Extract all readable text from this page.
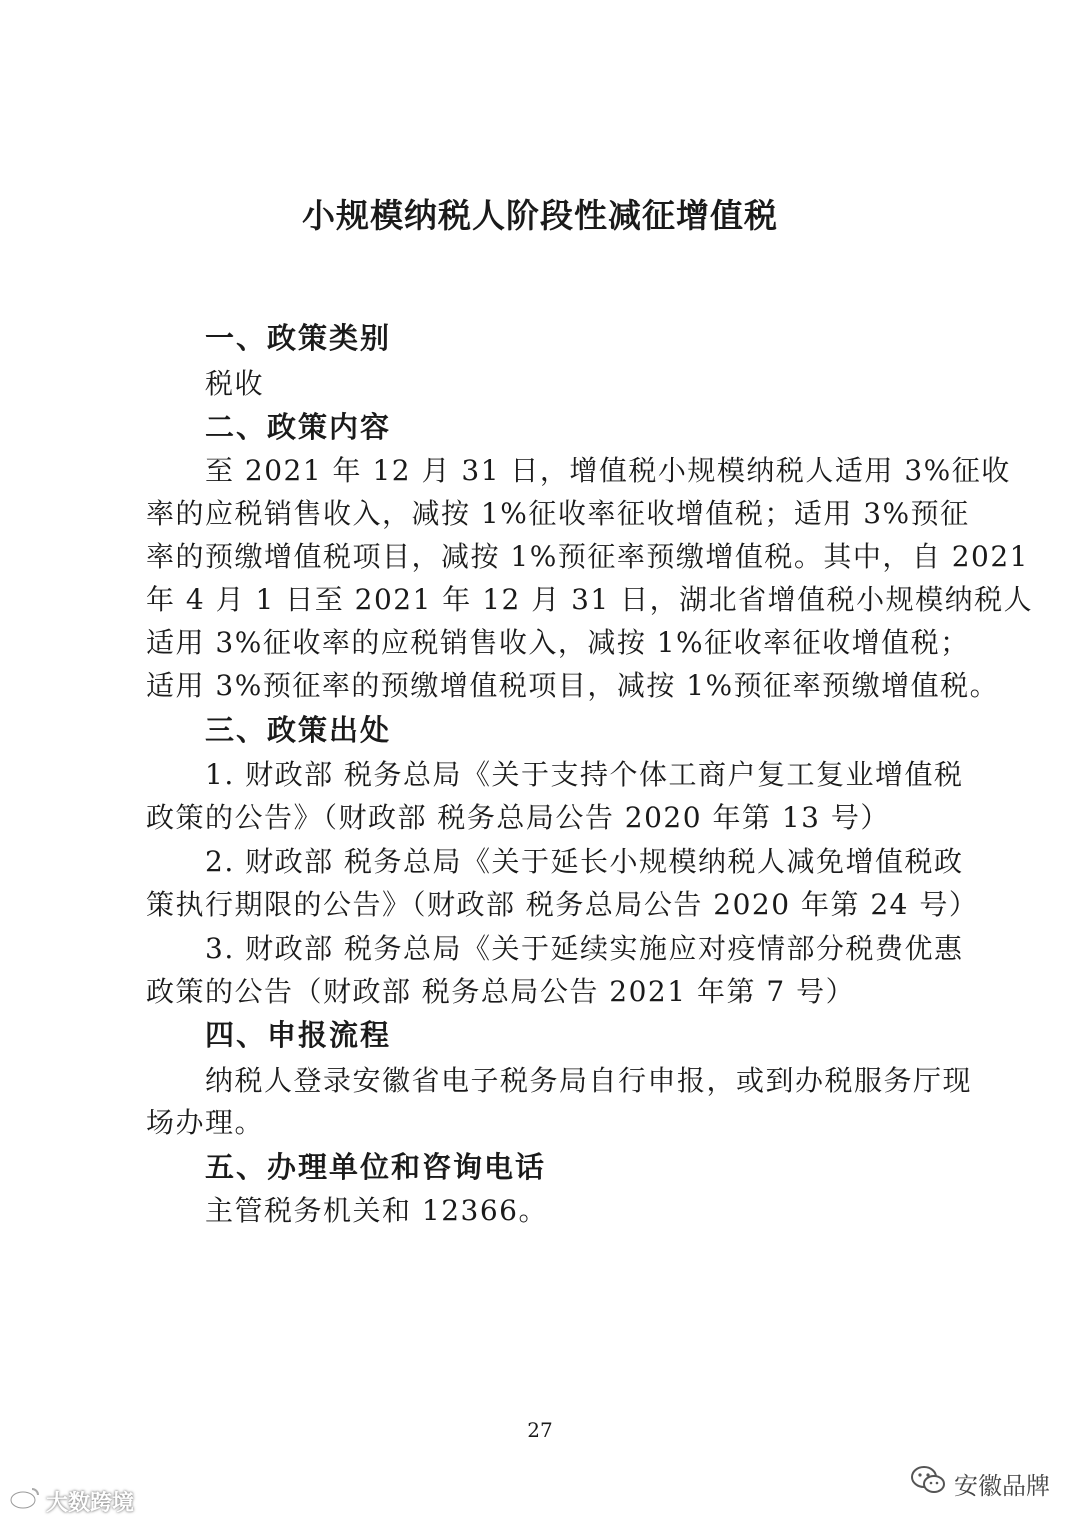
小规模纳税人阶段性减征增值税
一、政策类别
税收
二、政策内容
至 2021 年 12 月 31 日，增值税小规模纳税人适用 3%征收
率的应税销售收入，减按 1%征收率征收增值税；适用 3%预征
率的预缴增值税项目，减按 1%预征率预缴增值税。其中，自 2021
年 4 月 1 日至 2021 年 12 月 31 日，湖北省增值税小规模纳税人
适用 3%征收率的应税销售收入，减按 1%征收率征收增值税；
适用 3%预征率的预缴增值税项目，减按 1%预征率预缴增值税。
三、政策出处
1. 财政部 税务总局《关于支持个体工商户复工复业增值税
政策的公告》（财政部 税务总局公告 2020 年第 13 号）
2. 财政部 税务总局《关于延长小规模纳税人减免增值税政
策执行期限的公告》（财政部 税务总局公告 2020 年第 24 号）
3. 财政部 税务总局《关于延续实施应对疫情部分税费优惠
政策的公告（财政部 税务总局公告 2021 年第 7 号）
四、申报流程
纳税人登录安徽省电子税务局自行申报，或到办税服务厅现
场办理。
五、办理单位和咨询电话
主管税务机关和 12366。
27
大数跨境
安徽品牌
